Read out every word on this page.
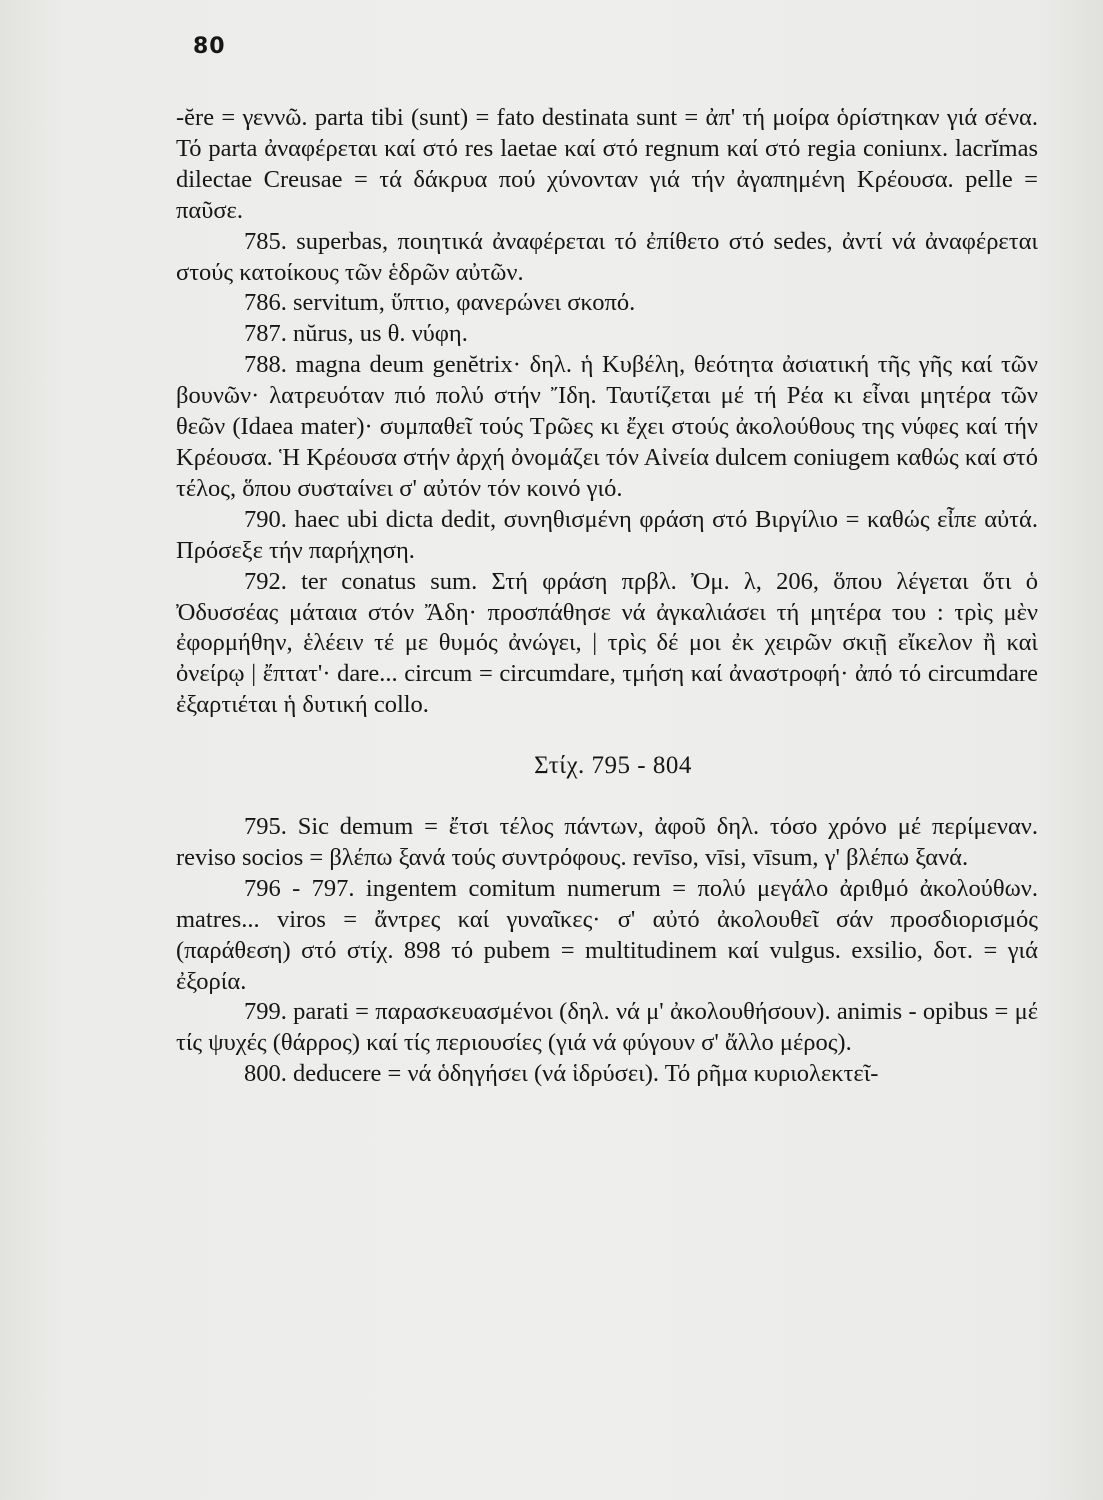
80

-ĕre = γεννῶ. parta tibi (sunt) = fato destinata sunt = ἀπ' τή μοίρα ὁρίστηκαν γιά σένα. Τό parta ἀναφέρεται καί στό res laetae καί στό regnum καί στό regia coniunx. lacrĭmas dilectae Creusae = τά δάκρυα πού χύνονταν γιά τήν ἀγαπημένη Κρέουσα. pelle = παῦσε.

785. superbas, ποιητικά ἀναφέρεται τό ἐπίθετο στό sedes, ἀντί νά ἀναφέρεται στούς κατοίκους τῶν ἑδρῶν αὐτῶν.

786. servitum, ὕπτιο, φανερώνει σκοπό.

787. nŭrus, us θ. νύφη.

788. magna deum genĕtrix· δηλ. ἡ Κυβέλη, θεότητα ἀσιατική τῆς γῆς καί τῶν βουνῶν· λατρευόταν πιό πολύ στήν Ἴδη. Ταυτίζεται μέ τή Ρέα κι εἶναι μητέρα τῶν θεῶν (Idaea mater)· συμπαθεῖ τούς Τρῶες κι ἔχει στούς ἀκολούθους της νύφες καί τήν Κρέουσα. Ἡ Κρέουσα στήν ἀρχή ὀνομάζει τόν Αἰνεία dulcem coniugem καθώς καί στό τέλος, ὅπου συσταίνει σ' αὐτόν τόν κοινό γιό.

790. haec ubi dicta dedit, συνηθισμένη φράση στό Βιργίλιο = καθώς εἶπε αὐτά. Πρόσεξε τήν παρήχηση.

792. ter conatus sum. Στή φράση πρβλ. Ὀμ. λ, 206, ὅπου λέγεται ὅτι ὁ Ὀδυσσέας μάταια στόν Ἄδη· προσπάθησε νά ἀγκαλιάσει τή μητέρα του : τρὶς μὲν ἐφορμήθην, ἑλέειν τέ με θυμός ἀνώγει, | τρὶς δέ μοι ἐκ χειρῶν σκιῇ εἴκελον ἢ καὶ ὀνείρῳ | ἔπτατ'· dare... circum = circumdare, τμήση καί ἀναστροφή· ἀπό τό circumdare ἐξαρτιέται ἡ δυτική collo.

Στίχ. 795 - 804

795. Sic demum = ἔτσι τέλος πάντων, ἀφοῦ δηλ. τόσο χρόνο μέ περίμεναν. reviso socios = βλέπω ξανά τούς συντρόφους. revīso, vīsi, vīsum, γ' βλέπω ξανά.

796 - 797. ingentem comitum numerum = πολύ μεγάλο ἀριθμό ἀκολούθων. matres... viros = ἄντρες καί γυναῖκες· σ' αὐτό ἀκολουθεῖ σάν προσδιορισμός (παράθεση) στό στίχ. 898 τό pubem = multitudinem καί vulgus. exsilio, δοτ. = γιά ἐξορία.

799. parati = παρασκευασμένοι (δηλ. νά μ' ἀκολουθήσουν). animis - opibus = μέ τίς ψυχές (θάρρος) καί τίς περιουσίες (γιά νά φύγουν σ' ἄλλο μέρος).

800. deducere = νά ὁδηγήσει (νά ἱδρύσει). Τό ρῆμα κυριολεκτεῖ-
